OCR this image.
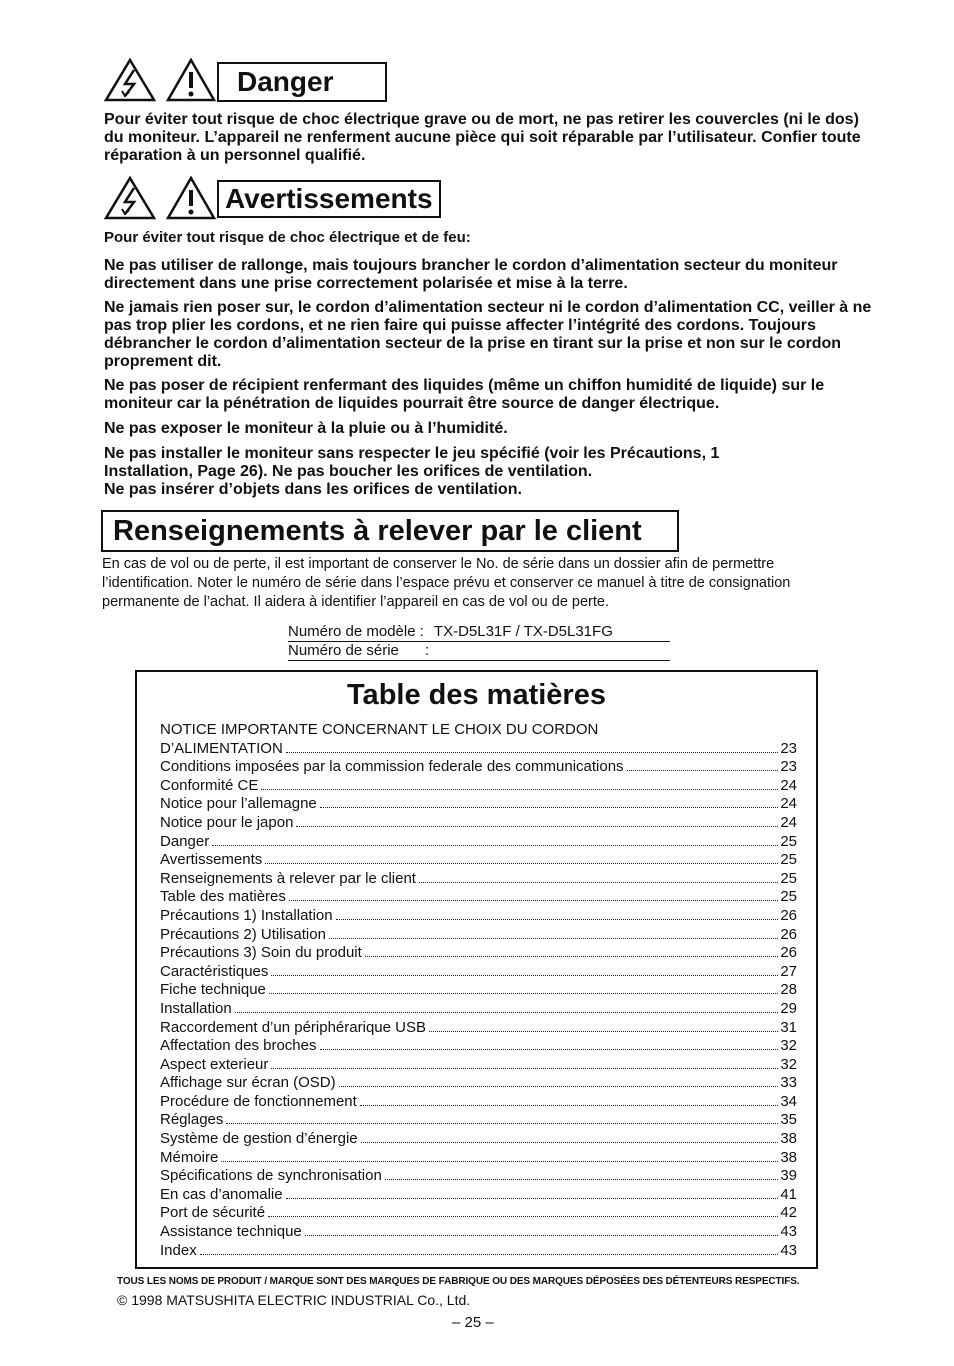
Danger

Pour éviter tout risque de choc électrique grave ou de mort, ne pas retirer les couvercles (ni le dos) du moniteur. L’appareil ne renferment aucune pièce qui soit réparable par l’utilisateur. Confier toute réparation à un personnel qualifié.

Avertissements

Pour éviter tout risque de choc électrique et de feu:

Ne pas utiliser de rallonge, mais toujours brancher le cordon d’alimentation secteur du moniteur directement dans une prise correctement polarisée et mise à la terre.

Ne jamais rien poser sur, le cordon d’alimentation secteur ni le cordon d’alimentation CC, veiller à ne pas trop plier les cordons, et ne rien faire qui puisse affecter l’intégrité des cordons. Toujours débrancher le cordon d’alimentation secteur de la prise en tirant sur la prise et non sur le cordon proprement dit.

Ne pas poser de récipient renfermant des liquides (même un chiffon humidité de liquide) sur le moniteur car la pénétration de liquides pourrait être source de danger électrique.

Ne pas exposer le moniteur à la pluie ou à l’humidité.

Ne pas installer le moniteur sans respecter le jeu spécifié (voir les Précautions, 1 Installation, Page 26). Ne pas boucher les orifices de ventilation.

Ne pas insérer d’objets dans les orifices de ventilation.

Renseignements à relever par le client

En cas de vol ou de perte, il est important de conserver le No. de série dans un dossier afin de permettre l’identification. Noter le numéro de série dans l’espace prévu et conserver ce manuel à titre de consignation permanente de l’achat. Il aidera à identifier l’appareil en cas de vol ou de perte.

Numéro de modèle : TX-D5L31F / TX-D5L31FG
Numéro de série	:
Table des matières
NOTICE IMPORTANTE CONCERNANT LE CHOIX DU CORDON
D’ALIMENTATION	23
Conditions imposées par la commission federale des communications	23
Conformité CE	24
Notice pour l’allemagne	24
Notice pour le japon	24
Danger	25
Avertissements	25
Renseignements à relever par le client	25
Table des matières	25
Précautions 1) Installation	26
Précautions 2) Utilisation	26
Précautions 3) Soin du produit	26
Caractéristiques	27
Fiche technique	28
Installation	29
Raccordement d’un périphérarique USB	31
Affectation des broches	32
Aspect exterieur	32
Affichage sur écran (OSD)	33
Procédure de fonctionnement	34
Réglages	35
Système de gestion d’énergie	38
Mémoire	38
Spécifications de synchronisation	39
En cas d’anomalie	41
Port de sécurité	42
Assistance technique	43
Index	43
TOUS LES NOMS DE PRODUIT / MARQUE SONT DES MARQUES DE FABRIQUE OU DES MARQUES DÉPOSÉES DES DÉTENTEURS RESPECTIFS.
© 1998 MATSUSHITA ELECTRIC INDUSTRIAL Co., Ltd.
– 25 –
